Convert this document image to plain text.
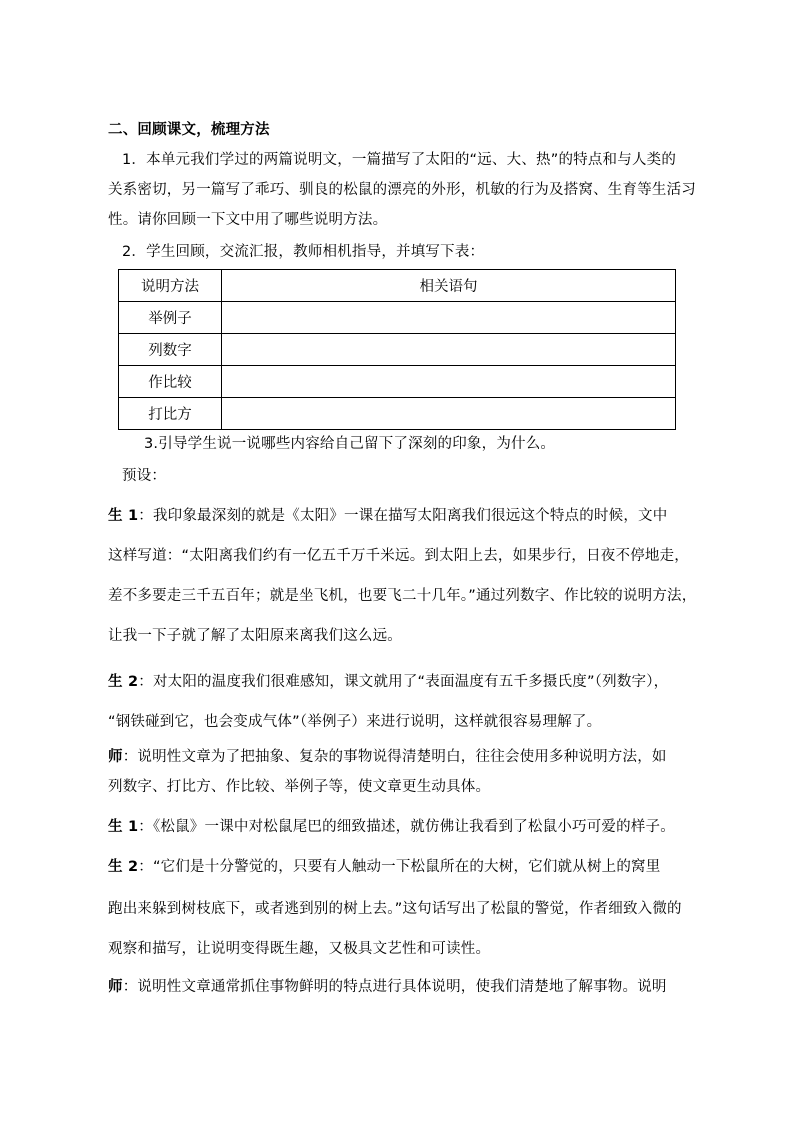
二、回顾课文，梳理方法
1．本单元我们学过的两篇说明文，一篇描写了太阳的“远、大、热”的特点和与人类的
关系密切，另一篇写了乖巧、驯良的松鼠的漂亮的外形，机敏的行为及搭窝、生育等生活习
性。请你回顾一下文中用了哪些说明方法。
2．学生回顾，交流汇报，教师相机指导，并填写下表：
说明方法	相关语句
举例子	
列数字	
作比较	
打比方	
3.引导学生说一说哪些内容给自己留下了深刻的印象，为什么。
预设：
生 1：我印象最深刻的就是《太阳》一课在描写太阳离我们很远这个特点的时候，文中
这样写道：“太阳离我们约有一亿五千万千米远。到太阳上去，如果步行，日夜不停地走，
差不多要走三千五百年；就是坐飞机，也要飞二十几年。”通过列数字、作比较的说明方法，
让我一下子就了解了太阳原来离我们这么远。
生 2：对太阳的温度我们很难感知，课文就用了“表面温度有五千多摄氏度”（列数字），
“钢铁碰到它，也会变成气体”（举例子）来进行说明，这样就很容易理解了。
师：说明性文章为了把抽象、复杂的事物说得清楚明白，往往会使用多种说明方法，如
列数字、打比方、作比较、举例子等，使文章更生动具体。
生 1：《松鼠》一课中对松鼠尾巴的细致描述，就仿佛让我看到了松鼠小巧可爱的样子。
生 2：“它们是十分警觉的，只要有人触动一下松鼠所在的大树，它们就从树上的窝里
跑出来躲到树枝底下，或者逃到别的树上去。”这句话写出了松鼠的警觉，作者细致入微的
观察和描写，让说明变得既生趣，又极具文艺性和可读性。
师：说明性文章通常抓住事物鲜明的特点进行具体说明，使我们清楚地了解事物。说明
